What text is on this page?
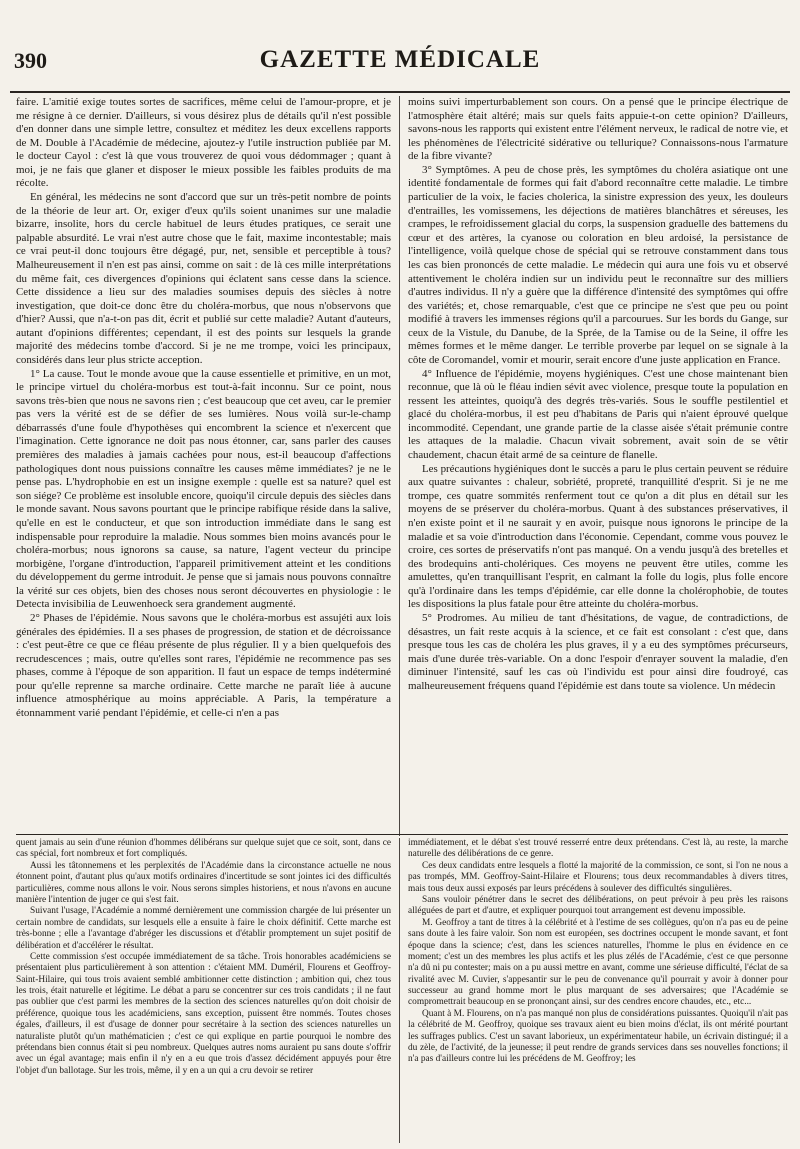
390	GAZETTE MÉDICALE

faire. L'amitié exige toutes sortes de sacrifices, même celui de l'amour-propre, et je me résigne à ce dernier. D'ailleurs, si vous désirez plus de détails qu'il n'est possible d'en donner dans une simple lettre, consultez et méditez les deux excellens rapports de M. Double à l'Académie de médecine, ajoutez-y l'utile instruction publiée par M. le docteur Cayol : c'est là que vous trouverez de quoi vous dédommager ; quant à moi, je ne fais que glaner et disposer le mieux possible les faibles produits de ma récolte.

En général, les médecins ne sont d'accord que sur un très-petit nombre de points de la théorie de leur art. Or, exiger d'eux qu'ils soient unanimes sur une maladie bizarre, insolite, hors du cercle habituel de leurs études pratiques, ce serait une palpable absurdité. Le vrai n'est autre chose que le fait, maxime incontestable; mais ce vrai peut-il donc toujours être dégagé, pur, net, sensible et perceptible à tous? Malheureusement il n'en est pas ainsi, comme on sait : de là ces mille interprétations du même fait, ces divergences d'opinions qui éclatent sans cesse dans la science. Cette dissidence a lieu sur des maladies soumises depuis des siècles à notre investigation, que doit-ce donc être du choléra-morbus, que nous n'observons que d'hier? Aussi, que n'a-t-on pas dit, écrit et publié sur cette maladie? Autant d'auteurs, autant d'opinions différentes; cependant, il est des points sur lesquels la grande majorité des médecins tombe d'accord. Si je ne me trompe, voici les principaux, considérés dans leur plus stricte acception.

1° La cause. Tout le monde avoue que la cause essentielle et primitive, en un mot, le principe virtuel du choléra-morbus est tout-à-fait inconnu. Sur ce point, nous savons très-bien que nous ne savons rien ; c'est beaucoup que cet aveu, car le premier pas vers la vérité est de se défier de ses lumières. Nous voilà sur-le-champ débarrassés d'une foule d'hypothèses qui encombrent la science et n'exercent que l'imagination. Cette ignorance ne doit pas nous étonner, car, sans parler des causes premières des maladies à jamais cachées pour nous, est-il beaucoup d'affections pathologiques dont nous puissions connaître les causes même immédiates? je ne le pense pas. L'hydrophobie en est un insigne exemple : quelle est sa nature? quel est son siége? Ce problème est insoluble encore, quoiqu'il circule depuis des siècles dans le monde savant. Nous savons pourtant que le principe rabifique réside dans la salive, qu'elle en est le conducteur, et que son introduction immédiate dans le sang est indispensable pour reproduire la maladie. Nous sommes bien moins avancés pour le choléra-morbus; nous ignorons sa cause, sa nature, l'agent vecteur du principe morbigène, l'organe d'introduction, l'appareil primitivement atteint et les conditions du développement du germe introduit. Je pense que si jamais nous pouvons connaître la vérité sur ces objets, bien des choses nous seront découvertes en physiologie : le Detecta invisibilia de Leuwenhoeck sera grandement augmenté.

2° Phases de l'épidémie. Nous savons que le choléra-morbus est assujéti aux lois générales des épidémies. Il a ses phases de progression, de station et de décroissance : c'est peut-être ce que ce fléau présente de plus régulier. Il y a bien quelquefois des recrudescences ; mais, outre qu'elles sont rares, l'épidémie ne recommence pas ses phases, comme à l'époque de son apparition. Il faut un espace de temps indéterminé pour qu'elle reprenne sa marche ordinaire. Cette marche ne paraît liée à aucune influence atmosphérique au moins appréciable. A Paris, la température a étonnamment varié pendant l'épidémie, et celle-ci n'en a pas

moins suivi imperturbablement son cours. On a pensé que le principe électrique de l'atmosphère était altéré; mais sur quels faits appuie-t-on cette opinion? D'ailleurs, savons-nous les rapports qui existent entre l'élément nerveux, le radical de notre vie, et les phénomènes de l'électricité sidérative ou tellurique? Connaissons-nous l'armature de la fibre vivante?

3° Symptômes. A peu de chose près, les symptômes du choléra asiatique ont une identité fondamentale de formes qui fait d'abord reconnaître cette maladie. Le timbre particulier de la voix, le facies cholerica, la sinistre expression des yeux, les douleurs d'entrailles, les vomissemens, les déjections de matières blanchâtres et séreuses, les crampes, le refroidissement glacial du corps, la suspension graduelle des battemens du cœur et des artères, la cyanose ou coloration en bleu ardoisé, la persistance de l'intelligence, voilà quelque chose de spécial qui se retrouve constamment dans tous les cas bien prononcés de cette maladie. Le médecin qui aura une fois vu et observé attentivement le choléra indien sur un individu peut le reconnaître sur des milliers d'autres individus. Il n'y a guère que la différence d'intensité des symptômes qui offre des variétés; et, chose remarquable, c'est que ce principe ne s'est que peu ou point modifié à travers les immenses régions qu'il a parcourues. Sur les bords du Gange, sur ceux de la Vistule, du Danube, de la Sprée, de la Tamise ou de la Seine, il offre les mêmes formes et le même danger. Le terrible proverbe par lequel on se signale à la côte de Coromandel, vomir et mourir, serait encore d'une juste application en France.

4° Influence de l'épidémie, moyens hygiéniques. C'est une chose maintenant bien reconnue, que là où le fléau indien sévit avec violence, presque toute la population en ressent les atteintes, quoiqu'à des degrés très-variés. Sous le souffle pestilentiel et glacé du choléra-morbus, il est peu d'habitans de Paris qui n'aient éprouvé quelque incommodité. Cependant, une grande partie de la classe aisée s'était prémunie contre les attaques de la maladie. Chacun vivait sobrement, avait soin de se vêtir chaudement, chacun était armé de sa ceinture de flanelle.

Les précautions hygiéniques dont le succès a paru le plus certain peuvent se réduire aux quatre suivantes : chaleur, sobriété, propreté, tranquillité d'esprit. Si je ne me trompe, ces quatre sommités renferment tout ce qu'on a dit plus en détail sur les moyens de se préserver du choléra-morbus. Quant à des substances préservatives, il n'en existe point et il ne saurait y en avoir, puisque nous ignorons le principe de la maladie et sa voie d'introduction dans l'économie. Cependant, comme vous pouvez le croire, ces sortes de préservatifs n'ont pas manqué. On a vendu jusqu'à des bretelles et des brodequins anti-cholériques. Ces moyens ne peuvent être utiles, comme les amulettes, qu'en tranquillisant l'esprit, en calmant la folle du logis, plus folle encore qu'à l'ordinaire dans les temps d'épidémie, car elle donne la cholérophobie, de toutes les dispositions la plus fatale pour être atteinte du choléra-morbus.

5° Prodromes. Au milieu de tant d'hésitations, de vague, de contradictions, de désastres, un fait reste acquis à la science, et ce fait est consolant : c'est que, dans presque tous les cas de choléra les plus graves, il y a eu des symptômes précurseurs, mais d'une durée très-variable. On a donc l'espoir d'enrayer souvent la maladie, d'en diminuer l'intensité, sauf les cas où l'individu est pour ainsi dire foudroyé, cas malheureusement fréquens quand l'épidémie est dans toute sa violence. Un médecin

quent jamais au sein d'une réunion d'hommes délibérans sur quelque sujet que ce soit, sont, dans ce cas spécial, fort nombreux et fort compliqués.

Aussi les tâtonnemens et les perplexités de l'Académie dans la circonstance actuelle ne nous étonnent point, d'autant plus qu'aux motifs ordinaires d'incertitude se sont jointes ici des difficultés particulières, comme nous allons le voir. Nous serons simples historiens, et nous n'avons en aucune manière l'intention de juger ce qui s'est fait.

Suivant l'usage, l'Académie a nommé dernièrement une commission chargée de lui présenter un certain nombre de candidats, sur lesquels elle a ensuite à faire le choix définitif. Cette marche est très-bonne ; elle a l'avantage d'abréger les discussions et d'établir promptement un sujet positif de délibération et d'accélérer le résultat.

Cette commission s'est occupée immédiatement de sa tâche. Trois honorables académiciens se présentaient plus particulièrement à son attention : c'étaient MM. Duméril, Flourens et Geoffroy-Saint-Hilaire, qui tous trois avaient semblé ambitionner cette distinction ; ambition qui, chez tous les trois, était naturelle et légitime. Le débat a paru se concentrer sur ces trois candidats ; il ne faut pas oublier que c'est parmi les membres de la section des sciences naturelles qu'on doit choisir de préférence, quoique tous les académiciens, sans exception, puissent être nommés. Toutes choses égales, d'ailleurs, il est d'usage de donner pour secrétaire à la section des sciences naturelles un naturaliste plutôt qu'un mathématicien ; c'est ce qui explique en partie pourquoi le nombre des prétendans bien connus était si peu nombreux. Quelques autres noms auraient pu sans doute s'offrir avec un égal avantage; mais enfin il n'y en a eu que trois d'assez décidément appuyés pour être l'objet d'un ballotage. Sur les trois, même, il y en a un qui a cru devoir se retirer

immédiatement, et le débat s'est trouvé resserré entre deux prétendans. C'est là, au reste, la marche naturelle des délibérations de ce genre.

Ces deux candidats entre lesquels a flotté la majorité de la commission, ce sont, si l'on ne nous a pas trompés, MM. Geoffroy-Saint-Hilaire et Flourens; tous deux recommandables à divers titres, mais tous deux aussi exposés par leurs précédens à soulever des difficultés singulières.

Sans vouloir pénétrer dans le secret des délibérations, on peut prévoir à peu près les raisons alléguées de part et d'autre, et expliquer pourquoi tout arrangement est devenu impossible.

M. Geoffroy a tant de titres à la célébrité et à l'estime de ses collègues, qu'on n'a pas eu de peine sans doute à les faire valoir. Son nom est européen, ses doctrines occupent le monde savant, et font époque dans la science; c'est, dans les sciences naturelles, l'homme le plus en évidence en ce moment; c'est un des membres les plus actifs et les plus zélés de l'Académie, c'est ce que personne n'a dû ni pu contester; mais on a pu aussi mettre en avant, comme une sérieuse difficulté, l'éclat de sa rivalité avec M. Cuvier, s'appesantir sur le peu de convenance qu'il pourrait y avoir à donner pour successeur au grand homme mort le plus marquant de ses adversaires; que l'Académie se compromettrait beaucoup en se prononçant ainsi, sur des cendres encore chaudes, etc., etc...

Quant à M. Flourens, on n'a pas manqué non plus de considérations puissantes. Quoiqu'il n'ait pas la célébrité de M. Geoffroy, quoique ses travaux aient eu bien moins d'éclat, ils ont mérité pourtant les suffrages publics. C'est un savant laborieux, un expérimentateur habile, un écrivain distingué; il a du zèle, de l'activité, de la jeunesse; il peut rendre de grands services dans ses nouvelles fonctions; il n'a pas d'ailleurs contre lui les précédens de M. Geoffroy; les
